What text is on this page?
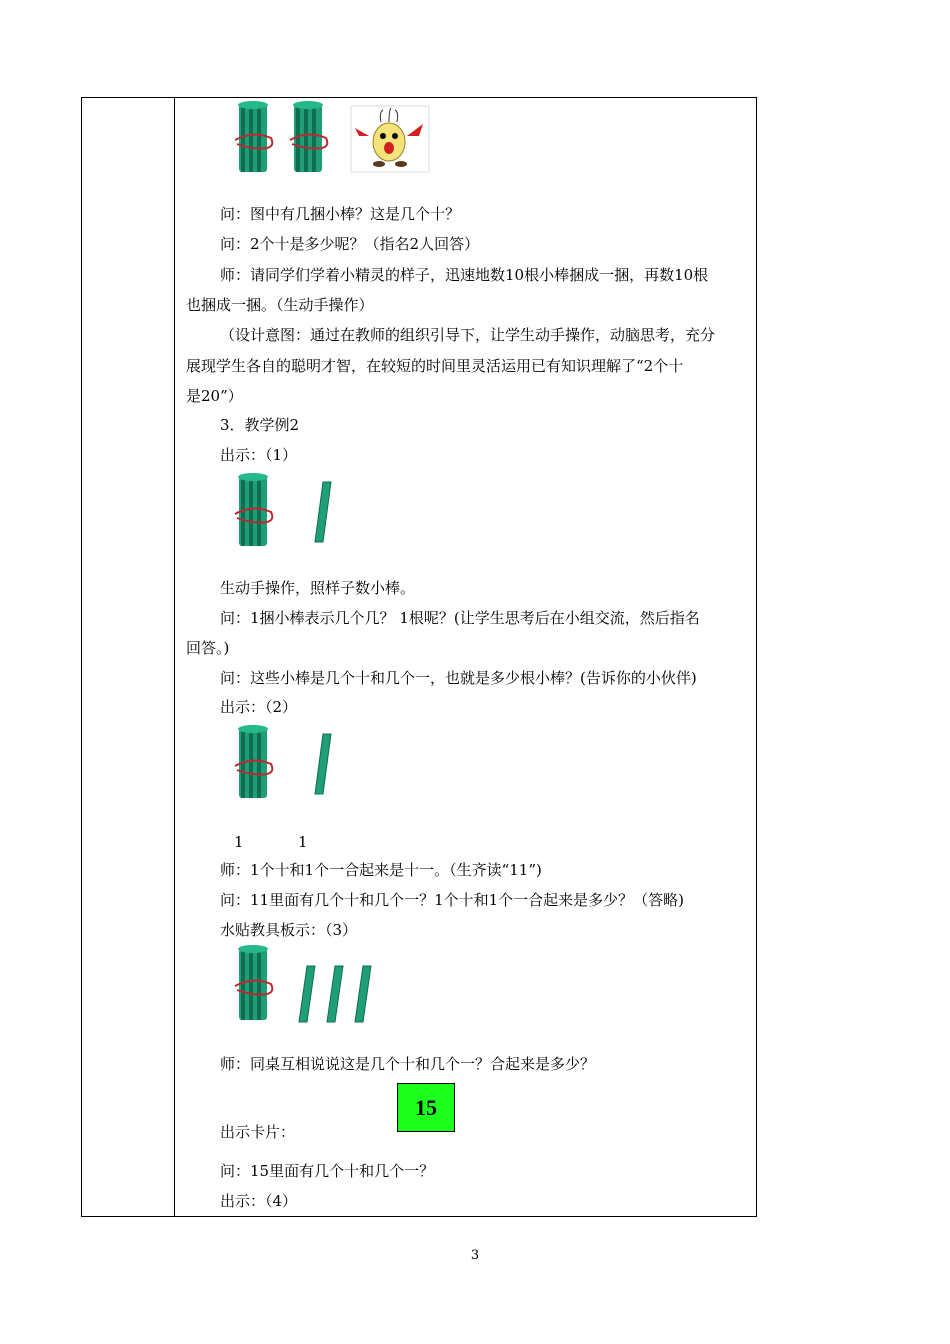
15
问：图中有几捆小棒？这是几个十？
问：2个十是多少呢？（指名2人回答）
师：请同学们学着小精灵的样子，迅速地数10根小棒捆成一捆，再数10根
也捆成一捆。（生动手操作）
（设计意图：通过在教师的组织引导下，让学生动手操作，动脑思考，充分
展现学生各自的聪明才智，在较短的时间里灵活运用已有知识理解了“2个十
是20”）
3．教学例2
出示：（1）
生动手操作，照样子数小棒。
问：1捆小棒表示几个几？ 1根呢？(让学生思考后在小组交流，然后指名
回答。)
问：这些小棒是几个十和几个一，也就是多少根小棒？(告诉你的小伙伴)
出示：（2）
1	1
师：1个十和1个一合起来是十一。（生齐读“11”)
问：11里面有几个十和几个一？1个十和1个一合起来是多少？（答略)
水贴教具板示：（3）
师：同桌互相说说这是几个十和几个一？合起来是多少？
出示卡片：
问：15里面有几个十和几个一？
出示：（4）
3
